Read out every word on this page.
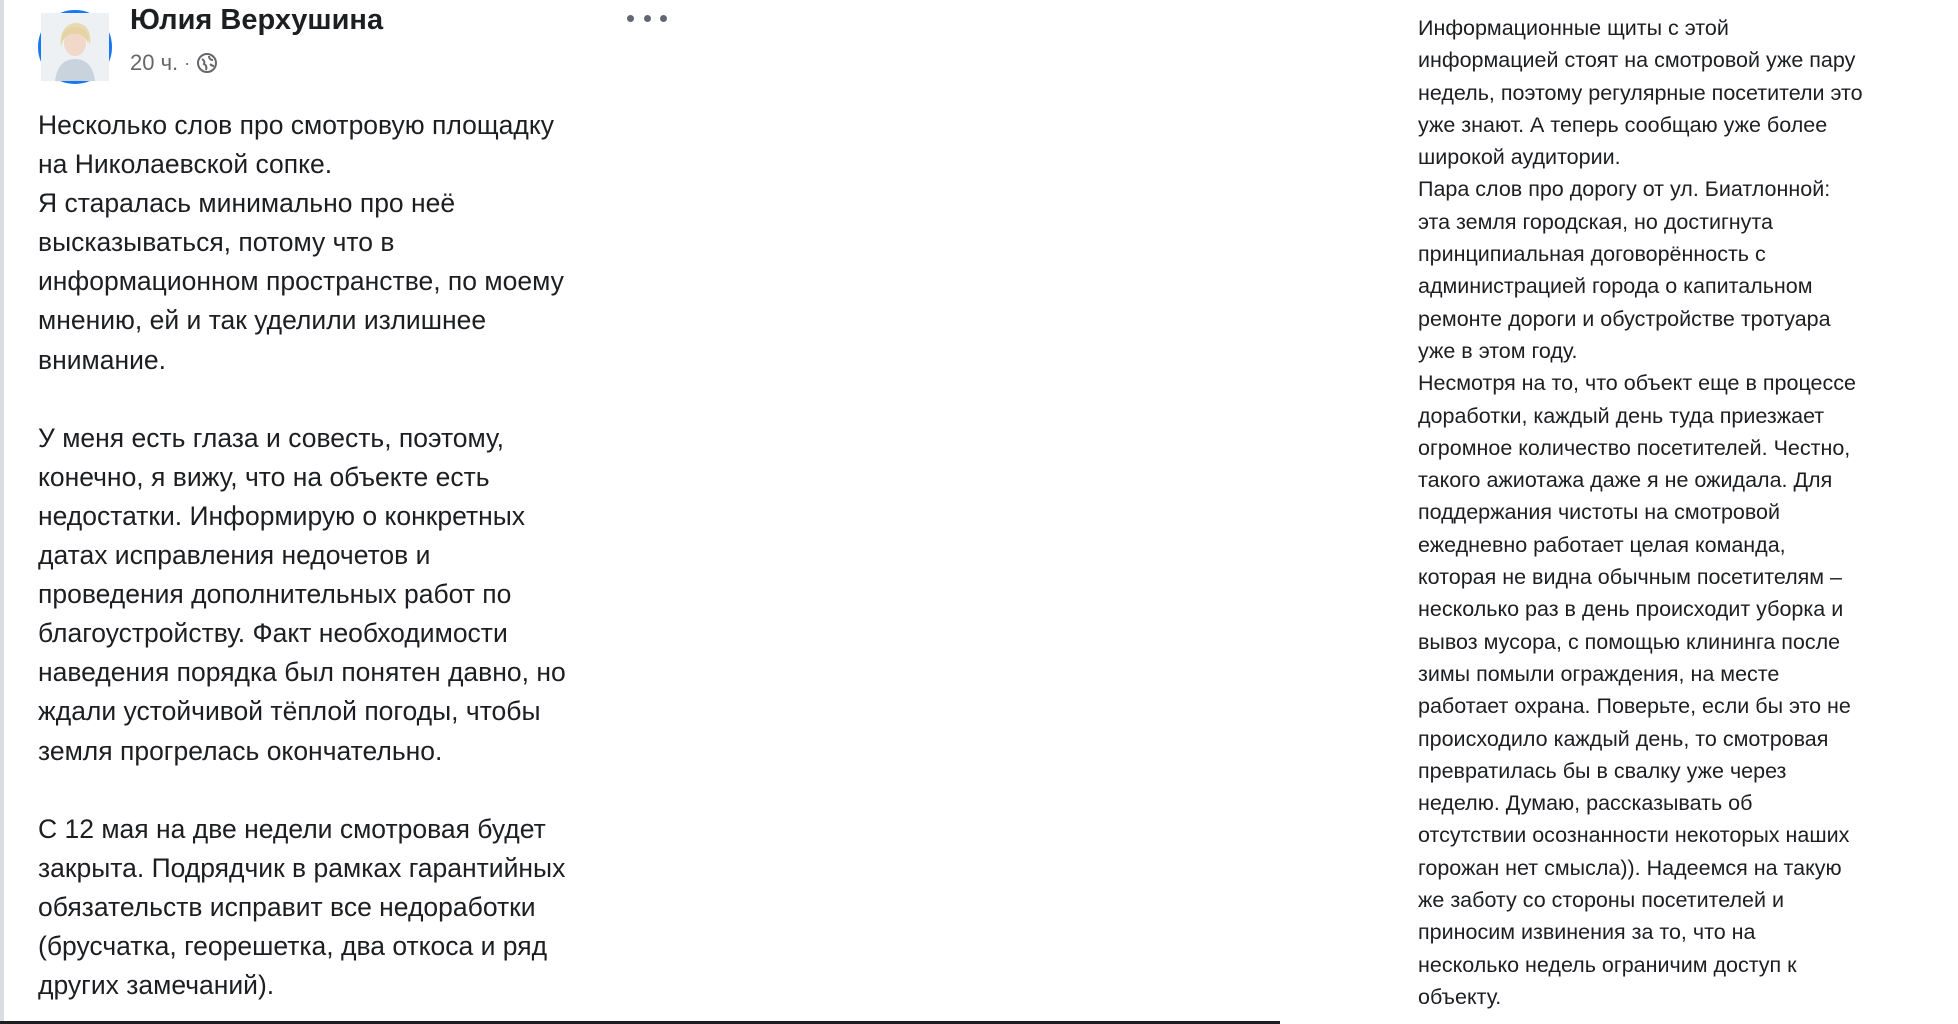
Юлия Верхушина
20 ч. ·

Несколько слов про смотровую площадку

на Николаевской сопке.

Я старалась минимально про неё

высказываться, потому что в

информационном пространстве, по моему

мнению, ей и так уделили излишнее

внимание.

У меня есть глаза и совесть, поэтому,

конечно, я вижу, что на объекте есть

недостатки. Информирую о конкретных

датах исправления недочетов и

проведения дополнительных работ по

благоустройству. Факт необходимости

наведения порядка был понятен давно, но

ждали устойчивой тёплой погоды, чтобы

земля прогрелась окончательно.

С 12 мая на две недели смотровая будет

закрыта. Подрядчик в рамках гарантийных

обязательств исправит все недоработки

(брусчатка, георешетка, два откоса и ряд

других замечаний).

Информационные щиты с этой

информацией стоят на смотровой уже пару

недель, поэтому регулярные посетители это

уже знают. А теперь сообщаю уже более

широкой аудитории.

Пара слов про дорогу от ул. Биатлонной:

эта земля городская, но достигнута

принципиальная договорённость с

администрацией города о капитальном

ремонте дороги и обустройстве тротуара

уже в этом году.

Несмотря на то, что объект еще в процессе

доработки, каждый день туда приезжает

огромное количество посетителей. Честно,

такого ажиотажа даже я не ожидала. Для

поддержания чистоты на смотровой

ежедневно работает целая команда,

которая не видна обычным посетителям –

несколько раз в день происходит уборка и

вывоз мусора, с помощью клининга после

зимы помыли ограждения, на месте

работает охрана. Поверьте, если бы это не

происходило каждый день, то смотровая

превратилась бы в свалку уже через

неделю. Думаю, рассказывать об

отсутствии осознанности некоторых наших

горожан нет смысла)). Надеемся на такую

же заботу со стороны посетителей и

приносим извинения за то, что на

несколько недель ограничим доступ к

объекту.
